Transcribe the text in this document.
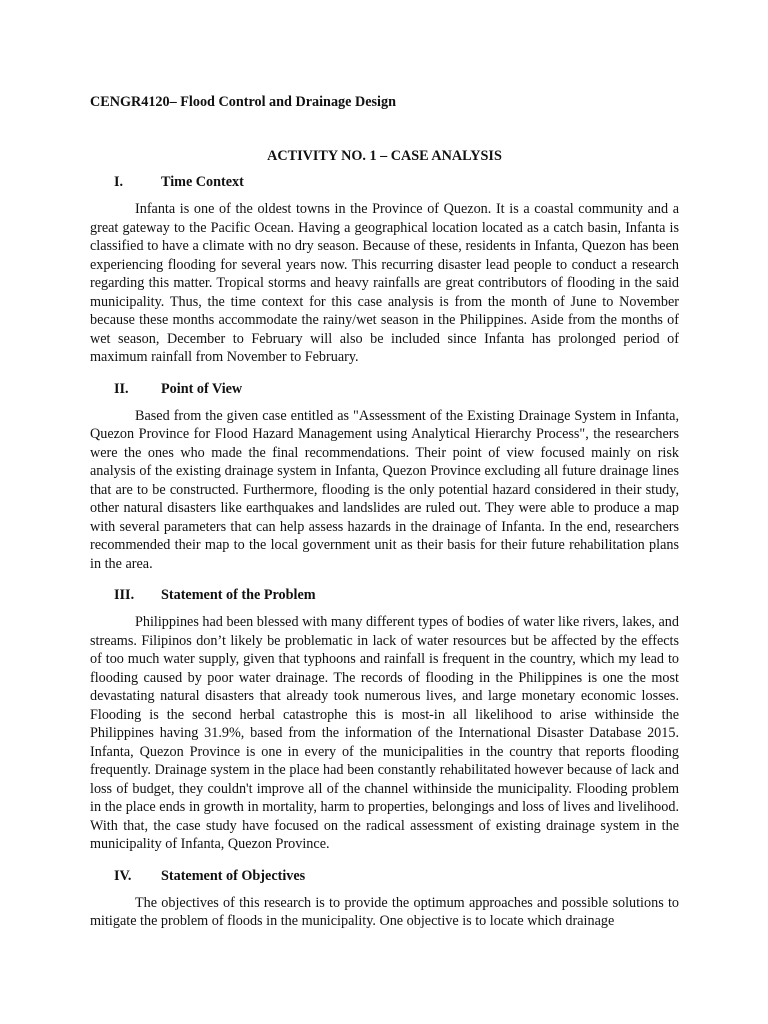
CENGR4120– Flood Control and Drainage Design
ACTIVITY NO. 1 – CASE ANALYSIS
I.	Time Context

Infanta is one of the oldest towns in the Province of Quezon. It is a coastal community and a great gateway to the Pacific Ocean. Having a geographical location located as a catch basin, Infanta is classified to have a climate with no dry season. Because of these, residents in Infanta, Quezon has been experiencing flooding for several years now. This recurring disaster lead people to conduct a research regarding this matter. Tropical storms and heavy rainfalls are great contributors of flooding in the said municipality. Thus, the time context for this case analysis is from the month of June to November because these months accommodate the rainy/wet season in the Philippines. Aside from the months of wet season, December to February will also be included since Infanta has prolonged period of maximum rainfall from November to February.

II.	Point of View

Based from the given case entitled as "Assessment of the Existing Drainage System in Infanta, Quezon Province for Flood Hazard Management using Analytical Hierarchy Process", the researchers were the ones who made the final recommendations. Their point of view focused mainly on risk analysis of the existing drainage system in Infanta, Quezon Province excluding all future drainage lines that are to be constructed. Furthermore, flooding is the only potential hazard considered in their study, other natural disasters like earthquakes and landslides are ruled out. They were able to produce a map with several parameters that can help assess hazards in the drainage of Infanta. In the end, researchers recommended their map to the local government unit as their basis for their future rehabilitation plans in the area.

III.	Statement of the Problem

Philippines had been blessed with many different types of bodies of water like rivers, lakes, and streams. Filipinos don’t likely be problematic in lack of water resources but be affected by the effects of too much water supply, given that typhoons and rainfall is frequent in the country, which my lead to flooding caused by poor water drainage. The records of flooding in the Philippines is one the most devastating natural disasters that already took numerous lives, and large monetary economic losses. Flooding is the second herbal catastrophe this is most-in all likelihood to arise withinside the Philippines having 31.9%, based from the information of the International Disaster Database 2015. Infanta, Quezon Province is one in every of the municipalities in the country that reports flooding frequently. Drainage system in the place had been constantly rehabilitated however because of lack and loss of budget, they couldn't improve all of the channel withinside the municipality. Flooding problem in the place ends in growth in mortality, harm to properties, belongings and loss of lives and livelihood. With that, the case study have focused on the radical assessment of existing drainage system in the municipality of Infanta, Quezon Province.

IV.	Statement of Objectives

The objectives of this research is to provide the optimum approaches and possible solutions to mitigate the problem of floods in the municipality. One objective is to locate which drainage
